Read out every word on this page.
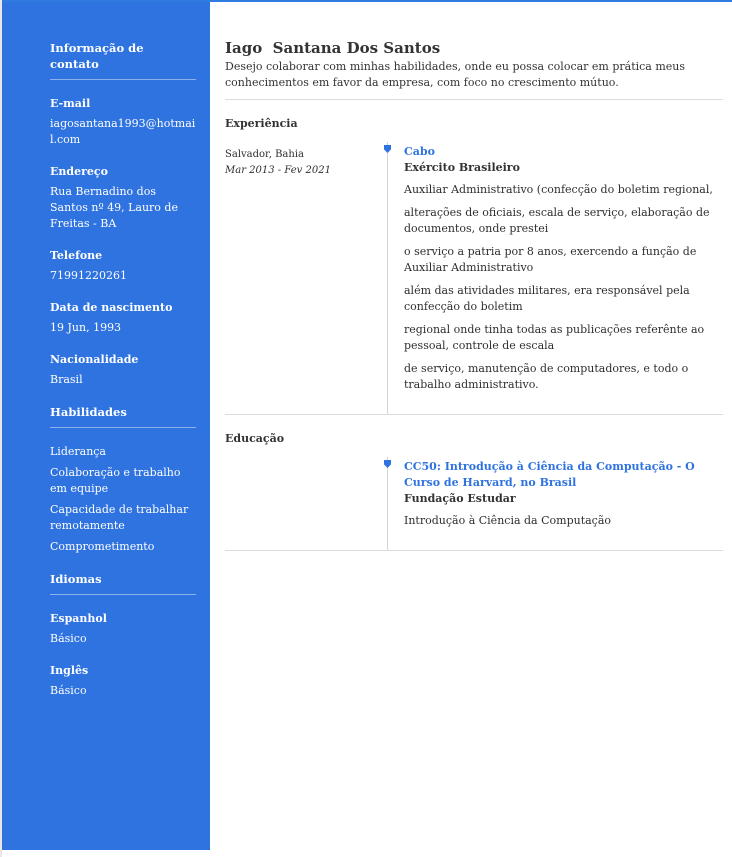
Informação de contato
E-mail
iagosantana1993@hotmail.com
Endereço
Rua Bernadino dos Santos nº 49, Lauro de Freitas - BA
Telefone
71991220261
Data de nascimento
19 Jun, 1993
Nacionalidade
Brasil
Habilidades
Liderança
Colaboração e trabalho em equipe
Capacidade de trabalhar remotamente
Comprometimento
Idiomas
Espanhol
Básico
Inglês
Básico
Iago  Santana Dos Santos
Desejo colaborar com minhas habilidades, onde eu possa colocar em prática meus conhecimentos em favor da empresa, com foco no crescimento mútuo.
Experiência
Salvador, Bahia
Mar 2013 - Fev 2021
Cabo
Exército Brasileiro

Auxiliar Administrativo (confecção do boletim regional,

alterações de oficiais, escala de serviço, elaboração de documentos, onde prestei

o serviço a patria por 8 anos, exercendo a função de Auxiliar Administrativo

além das atividades militares, era responsável pela confecção do boletim

regional onde tinha todas as publicações referênte ao pessoal, controle de escala

de serviço, manutenção de computadores, e todo o trabalho administrativo.

Educação
CC50: Introdução à Ciência da Computação - O Curso de Harvard, no Brasil
Fundação Estudar

Introdução à Ciência da Computação
